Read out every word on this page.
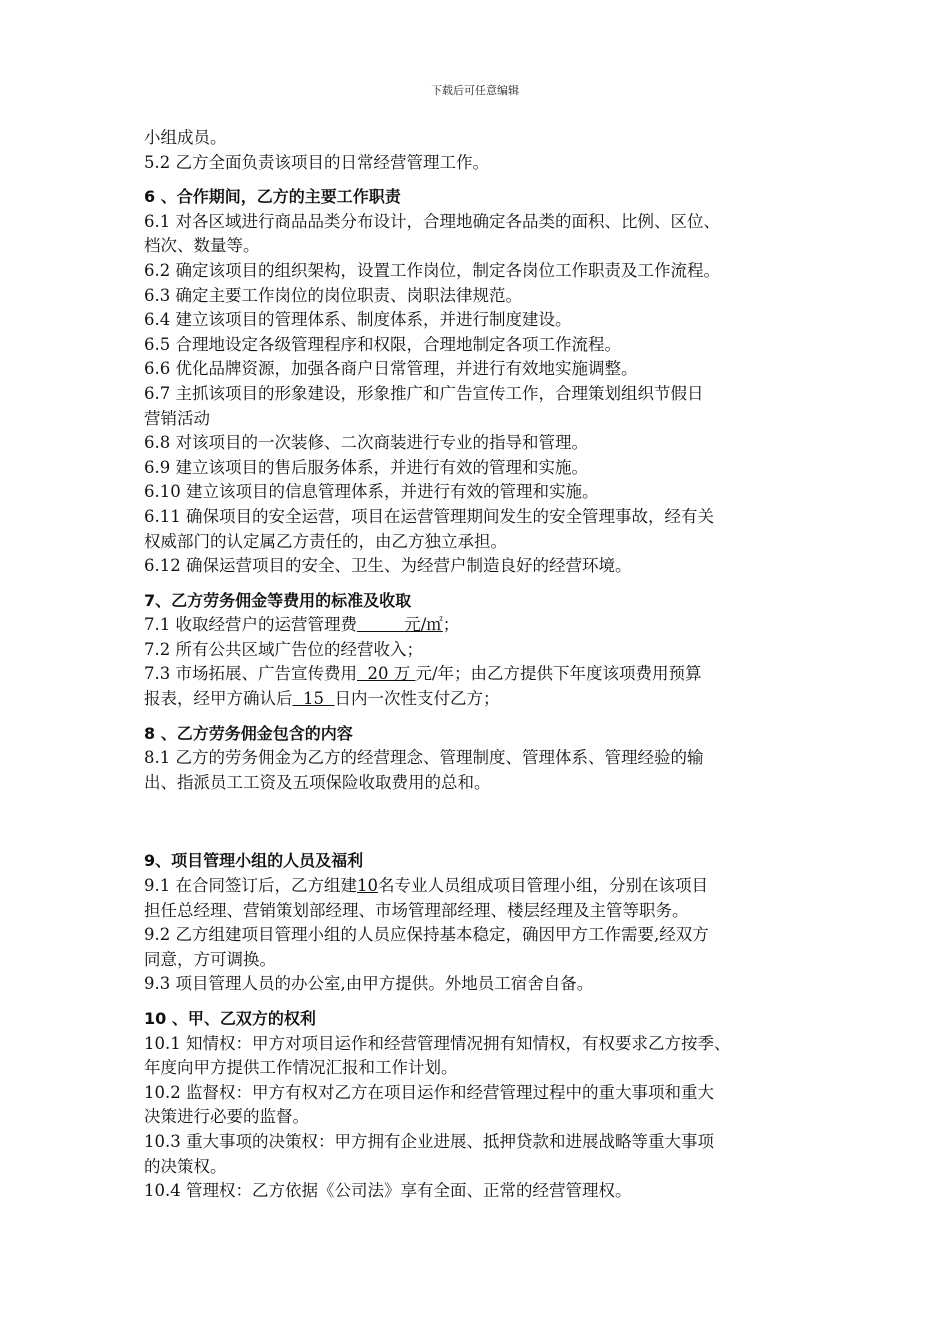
下载后可任意编辑

小组成员。

5.2 乙方全面负责该项目的日常经营管理工作。

6 、合作期间，乙方的主要工作职责

6.1 对各区域进行商品品类分布设计，合理地确定各品类的面积、比例、区位、

档次、数量等。

6.2 确定该项目的组织架构，设置工作岗位，制定各岗位工作职责及工作流程。

6.3 确定主要工作岗位的岗位职责、岗职法律规范。

6.4 建立该项目的管理体系、制度体系，并进行制度建设。

6.5 合理地设定各级管理程序和权限，合理地制定各项工作流程。

6.6 优化品牌资源，加强各商户日常管理，并进行有效地实施调整。

6.7 主抓该项目的形象建设，形象推广和广告宣传工作，合理策划组织节假日

营销活动

6.8 对该项目的一次装修、二次商装进行专业的指导和管理。

6.9 建立该项目的售后服务体系，并进行有效的管理和实施。

6.10 建立该项目的信息管理体系，并进行有效的管理和实施。

6.11 确保项目的安全运营，项目在运营管理期间发生的安全管理事故，经有关

权威部门的认定属乙方责任的，由乙方独立承担。

6.12 确保运营项目的安全、卫生、为经营户制造良好的经营环境。

7、乙方劳务佣金等费用的标准及收取

7.1 收取经营户的运营管理费	元/㎡；

7.2 所有公共区域广告位的经营收入；

7.3 市场拓展、广告宣传费用  20 万 元/年；由乙方提供下年度该项费用预算

报表，经甲方确认后  15  日内一次性支付乙方；

8 、乙方劳务佣金包含的内容

8.1 乙方的劳务佣金为乙方的经营理念、管理制度、管理体系、管理经验的输

出、指派员工工资及五项保险收取费用的总和。

9、项目管理小组的人员及福利

9.1 在合同签订后，乙方组建10名专业人员组成项目管理小组，分别在该项目

担任总经理、营销策划部经理、市场管理部经理、楼层经理及主管等职务。

9.2 乙方组建项目管理小组的人员应保持基本稳定，确因甲方工作需要,经双方

同意，方可调换。

9.3 项目管理人员的办公室,由甲方提供。外地员工宿舍自备。

10 、甲、乙双方的权利

10.1 知情权：甲方对项目运作和经营管理情况拥有知情权，有权要求乙方按季、

年度向甲方提供工作情况汇报和工作计划。

10.2 监督权：甲方有权对乙方在项目运作和经营管理过程中的重大事项和重大

决策进行必要的监督。

10.3 重大事项的决策权：甲方拥有企业进展、抵押贷款和进展战略等重大事项

的决策权。

10.4 管理权：乙方依据《公司法》享有全面、正常的经营管理权。
